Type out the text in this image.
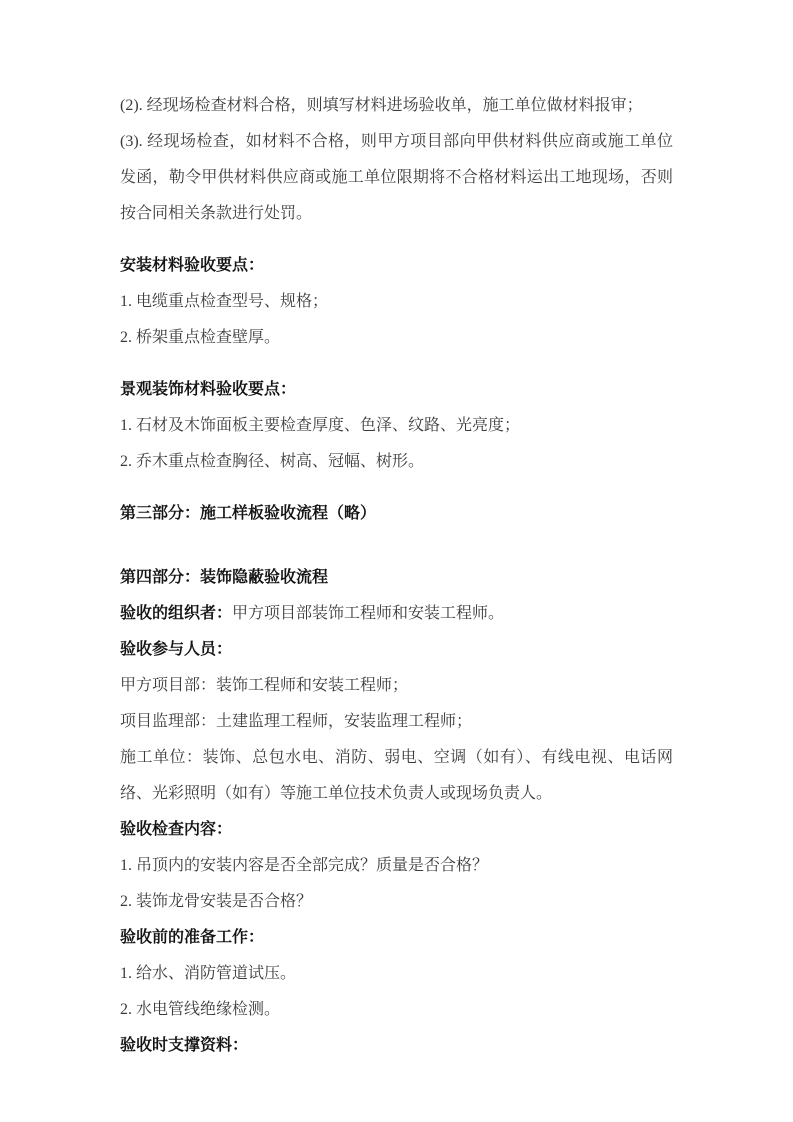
(2). 经现场检查材料合格，则填写材料进场验收单，施工单位做材料报审；

(3). 经现场检查，如材料不合格，则甲方项目部向甲供材料供应商或施工单位发函，勒令甲供材料供应商或施工单位限期将不合格材料运出工地现场，否则按合同相关条款进行处罚。

安装材料验收要点：

1. 电缆重点检查型号、规格；

2. 桥架重点检查壁厚。

景观装饰材料验收要点：

1. 石材及木饰面板主要检查厚度、色泽、纹路、光亮度；

2. 乔木重点检查胸径、树高、冠幅、树形。

第三部分：施工样板验收流程（略）

第四部分：装饰隐蔽验收流程

验收的组织者：甲方项目部装饰工程师和安装工程师。

验收参与人员：

甲方项目部：装饰工程师和安装工程师；

项目监理部：土建监理工程师，安装监理工程师；

施工单位：装饰、总包水电、消防、弱电、空调（如有）、有线电视、电话网络、光彩照明（如有）等施工单位技术负责人或现场负责人。

验收检查内容：

1. 吊顶内的安装内容是否全部完成？质量是否合格？

2. 装饰龙骨安装是否合格？

验收前的准备工作：

1. 给水、消防管道试压。

2. 水电管线绝缘检测。

验收时支撑资料：
